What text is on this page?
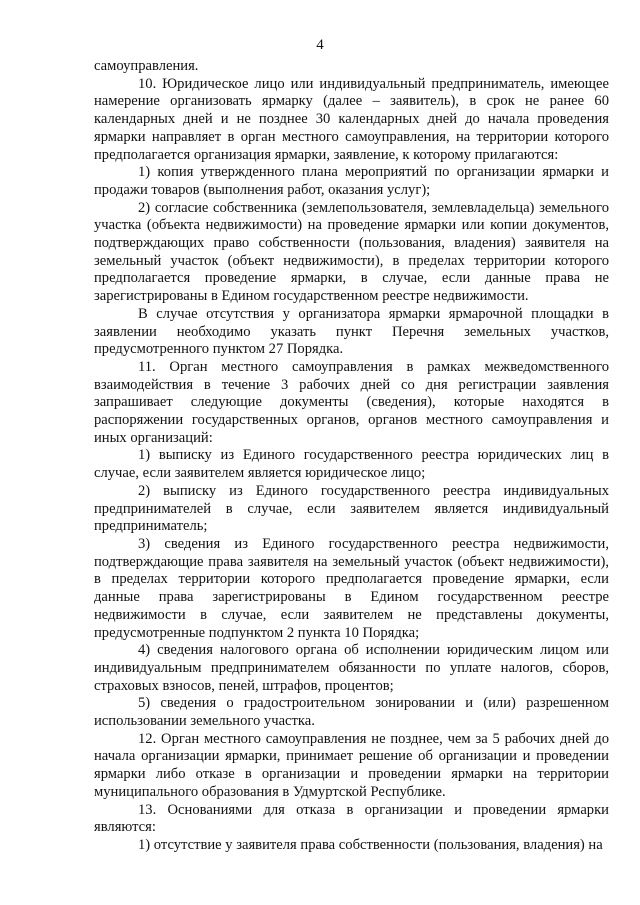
4

самоуправления.

10. Юридическое лицо или индивидуальный предприниматель, имеющее намерение организовать ярмарку (далее – заявитель), в срок не ранее 60 календарных дней и не позднее 30 календарных дней до начала проведения ярмарки направляет в орган местного самоуправления, на территории которого предполагается организация ярмарки, заявление, к которому прилагаются:

1) копия утвержденного плана мероприятий по организации ярмарки и продажи товаров (выполнения работ, оказания услуг);

2) согласие собственника (землепользователя, землевладельца) земельного участка (объекта недвижимости) на проведение ярмарки или копии документов, подтверждающих право собственности (пользования, владения) заявителя на земельный участок (объект недвижимости), в пределах территории которого предполагается проведение ярмарки, в случае, если данные права не зарегистрированы в Едином государственном реестре недвижимости.

В случае отсутствия у организатора ярмарки ярмарочной площадки в заявлении необходимо указать пункт Перечня земельных участков, предусмотренного пунктом 27 Порядка.

11. Орган местного самоуправления в рамках межведомственного взаимодействия в течение 3 рабочих дней со дня регистрации заявления запрашивает следующие документы (сведения), которые находятся в распоряжении государственных органов, органов местного самоуправления и иных организаций:

1) выписку из Единого государственного реестра юридических лиц в случае, если заявителем является юридическое лицо;

2) выписку из Единого государственного реестра индивидуальных предпринимателей в случае, если заявителем является индивидуальный предприниматель;

3) сведения из Единого государственного реестра недвижимости, подтверждающие права заявителя на земельный участок (объект недвижимости), в пределах территории которого предполагается проведение ярмарки, если данные права зарегистрированы в Едином государственном реестре недвижимости в случае, если заявителем не представлены документы, предусмотренные подпунктом 2 пункта 10 Порядка;

4) сведения налогового органа об исполнении юридическим лицом или индивидуальным предпринимателем обязанности по уплате налогов, сборов, страховых взносов, пеней, штрафов, процентов;

5) сведения о градостроительном зонировании и (или) разрешенном использовании земельного участка.

12. Орган местного самоуправления не позднее, чем за 5 рабочих дней до начала организации ярмарки, принимает решение об организации и проведении ярмарки либо отказе в организации и проведении ярмарки на территории муниципального образования в Удмуртской Республике.

13. Основаниями для отказа в организации и проведении ярмарки являются:

1) отсутствие у заявителя права собственности (пользования, владения) на
